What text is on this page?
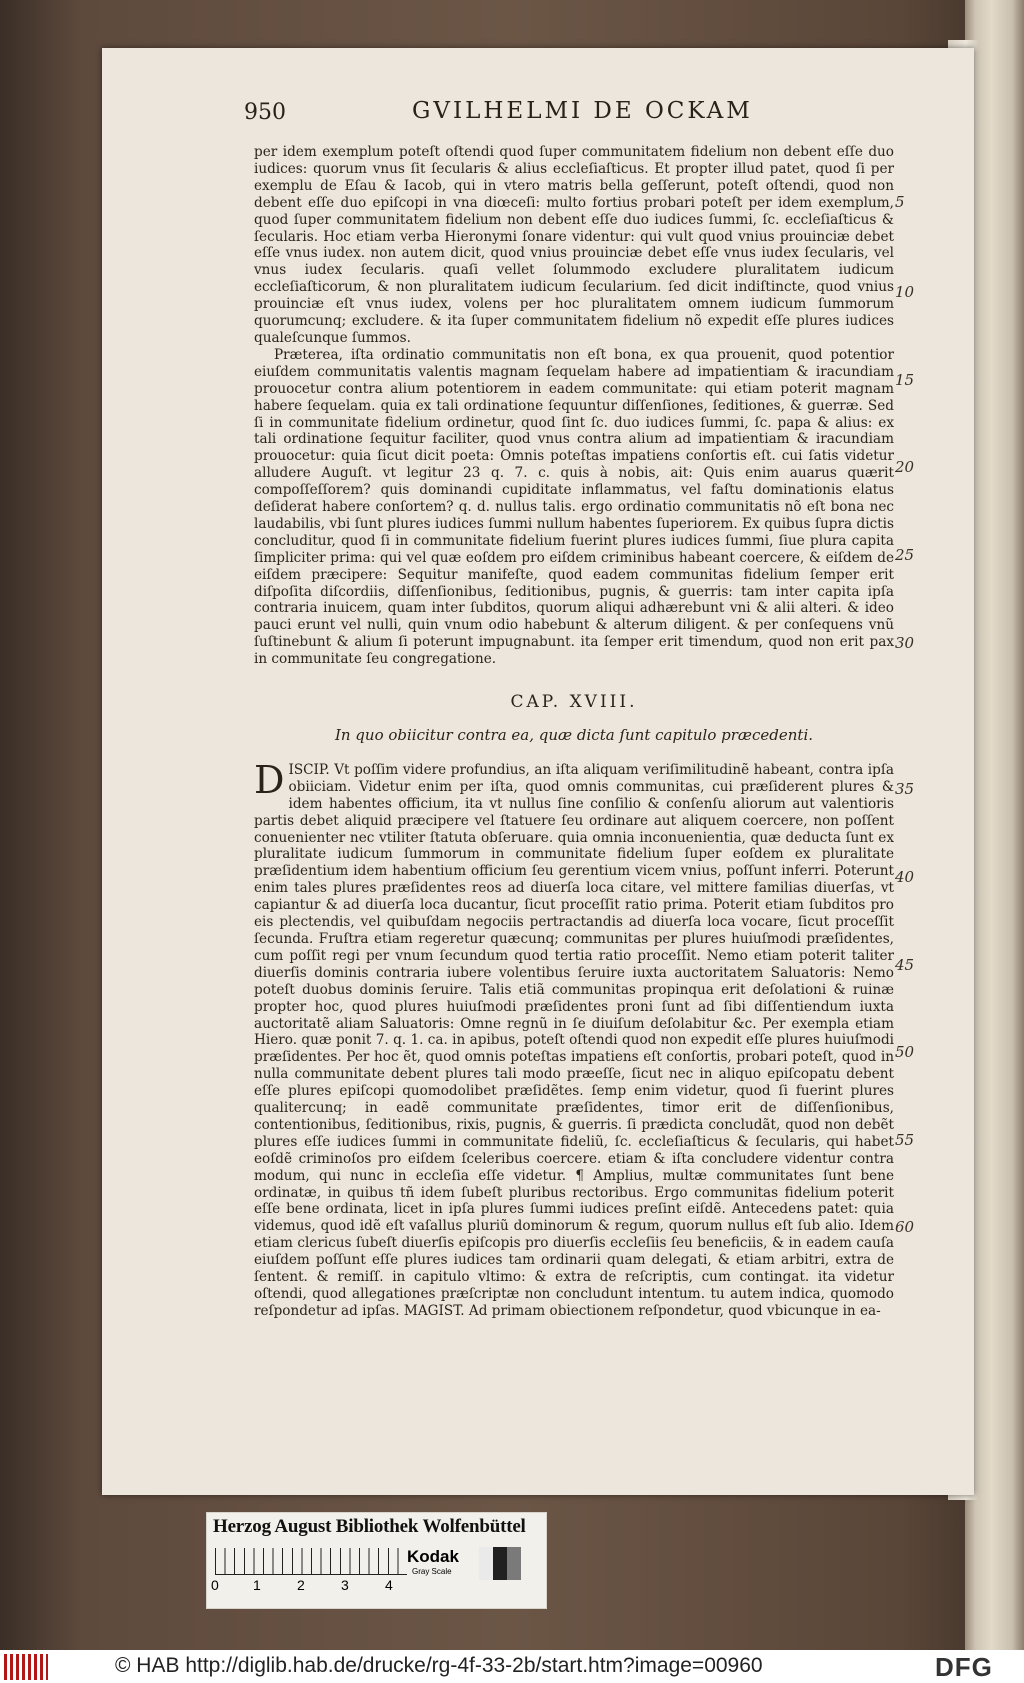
950	GVILHELMI DE OCKAM

per idem exemplum poteſt oſtendi quod ſuper communitatem fidelium non debent eſſe duo iudices: quorum vnus ſit ſecularis & alius eccleſiaſticus. Et propter illud patet, quod ſi per exemplu de Eſau & Iacob, qui in vtero matris bella geſſerunt, poteſt oſtendi, quod non debent eſſe duo epiſcopi in vna diœceſi: multo fortius probari poteſt per idem exemplum, quod ſuper communitatem fidelium non debent eſſe duo iudices ſummi, ſc. eccleſiaſticus & ſecularis. Hoc etiam verba Hieronymi ſonare videntur: qui vult quod vnius prouinciæ debet eſſe vnus iudex. non autem dicit, quod vnius prouinciæ debet eſſe vnus iudex ſecularis, vel vnus iudex ſecularis. quaſi vellet ſolummodo excludere pluralitatem iudicum eccleſiaſticorum, & non pluralitatem iudicum ſecularium. ſed dicit indiſtincte, quod vnius prouinciæ eſt vnus iudex, volens per hoc pluralitatem omnem iudicum ſummorum quorumcunq; excludere. & ita ſuper communitatem fidelium nõ expedit eſſe plures iudices qualeſcunque ſummos.

Præterea, iſta ordinatio communitatis non eſt bona, ex qua prouenit, quod potentior eiuſdem communitatis valentis magnam ſequelam habere ad impatientiam & iracundiam prouocetur contra alium potentiorem in eadem communitate: qui etiam poterit magnam habere ſequelam. quia ex tali ordinatione ſequuntur diſſenſiones, ſeditiones, & guerræ. Sed ſi in communitate fidelium ordinetur, quod ſint ſc. duo iudices ſummi, ſc. papa & alius: ex tali ordinatione ſequitur faciliter, quod vnus contra alium ad impatientiam & iracundiam prouocetur: quia ſicut dicit poeta: Omnis poteſtas impatiens conſortis eſt. cui ſatis videtur alludere Auguſt. vt legitur 23 q. 7. c. quis à nobis, ait: Quis enim auarus quærit compoſſeſſorem? quis dominandi cupiditate inflammatus, vel faſtu dominationis elatus deſiderat habere conſortem? q. d. nullus talis. ergo ordinatio communitatis nõ eſt bona nec laudabilis, vbi ſunt plures iudices ſummi nullum habentes ſuperiorem. Ex quibus ſupra dictis concluditur, quod ſi in communitate fidelium fuerint plures iudices ſummi, ſiue plura capita ſimpliciter prima: qui vel quæ eoſdem pro eiſdem criminibus habeant coercere, & eiſdem de eiſdem præcipere: Sequitur manifeſte, quod eadem communitas fidelium ſemper erit diſpoſita diſcordiis, diſſenſionibus, ſeditionibus, pugnis, & guerris: tam inter capita ipſa contraria inuicem, quam inter ſubditos, quorum aliqui adhærebunt vni & alii alteri. & ideo pauci erunt vel nulli, quin vnum odio habebunt & alterum diligent. & per conſequens vnũ ſuſtinebunt & alium ſi poterunt impugnabunt. ita ſemper erit timendum, quod non erit pax in communitate ſeu congregatione.

CAP. XVIII.
In quo obiicitur contra ea, quæ dicta ſunt capitulo præcedenti.

DISCIP. Vt poſſim videre profundius, an iſta aliquam veriſimilitudinẽ habeant, contra ipſa obiiciam. Videtur enim per iſta, quod omnis communitas, cui præſiderent plures & idem habentes officium, ita vt nullus ſine conſilio & conſenſu aliorum aut valentioris partis debet aliquid præcipere vel ſtatuere ſeu ordinare aut aliquem coercere, non poſſent conuenienter nec vtiliter ſtatuta obſeruare. quia omnia inconuenientia, quæ deducta ſunt ex pluralitate iudicum ſummorum in communitate fidelium ſuper eoſdem ex pluralitate præſidentium idem habentium officium ſeu gerentium vicem vnius, poſſunt inferri. Poterunt enim tales plures præſidentes reos ad diuerſa loca citare, vel mittere familias diuerſas, vt capiantur & ad diuerſa loca ducantur, ſicut proceſſit ratio prima. Poterit etiam ſubditos pro eis plectendis, vel quibuſdam negociis pertractandis ad diuerſa loca vocare, ſicut proceſſit ſecunda. Fruſtra etiam regeretur quæcunq; communitas per plures huiuſmodi præſidentes, cum poſſit regi per vnum ſecundum quod tertia ratio proceſſit. Nemo etiam poterit taliter diuerſis dominis contraria iubere volentibus ſeruire iuxta auctoritatem Saluatoris: Nemo poteſt duobus dominis ſeruire. Talis etiã communitas propinqua erit deſolationi & ruinæ propter hoc, quod plures huiuſmodi præſidentes proni ſunt ad ſibi diſſentiendum iuxta auctoritatẽ aliam Saluatoris: Omne regnũ in ſe diuiſum deſolabitur &c. Per exempla etiam Hiero. quæ ponit 7. q. 1. ca. in apibus, poteſt oſtendi quod non expedit eſſe plures huiuſmodi præſidentes. Per hoc ẽt, quod omnis poteſtas impatiens eſt conſortis, probari poteſt, quod in nulla communitate debent plures tali modo præeſſe, ſicut nec in aliquo epiſcopatu debent eſſe plures epiſcopi quomodolibet præſidẽtes. ſemp enim videtur, quod ſi fuerint plures qualitercunq; in eadẽ communitate præſidentes, timor erit de diſſenſionibus, contentionibus, ſeditionibus, rixis, pugnis, & guerris. ſi prædicta concludãt, quod non debẽt plures eſſe iudices ſummi in communitate fideliũ, ſc. eccleſiaſticus & ſecularis, qui habet eoſdẽ criminoſos pro eiſdem ſceleribus coercere. etiam & iſta concludere videntur contra modum, qui nunc in eccleſia eſſe videtur. ¶ Amplius, multæ communitates ſunt bene ordinatæ, in quibus tñ idem ſubeſt pluribus rectoribus. Ergo communitas fidelium poterit eſſe bene ordinata, licet in ipſa plures ſummi iudices preſint eiſdẽ. Antecedens patet: quia videmus, quod idẽ eſt vaſallus pluriũ dominorum & regum, quorum nullus eſt ſub alio. Idem etiam clericus ſubeſt diuerſis epiſcopis pro diuerſis eccleſiis ſeu beneficiis, & in eadem cauſa eiuſdem poſſunt eſſe plures iudices tam ordinarii quam delegati, & etiam arbitri, extra de ſentent. & remiſſ. in capitulo vltimo: & extra de reſcriptis, cum contingat. ita videtur oſtendi, quod allegationes præſcriptæ non concludunt intentum. tu autem indica, quomodo reſpondetur ad ipſas. MAGIST. Ad primam obiectionem reſpondetur, quod vbicunque in ea-

5
10
15
20
25
30
35
40
45
50
55
60
Herzog August Bibliothek Wolfenbüttel
0 1	2	3	4
Kodak
Gray Scale
© HAB http://diglib.hab.de/drucke/rg-4f-33-2b/start.htm?image=00960	DFG
